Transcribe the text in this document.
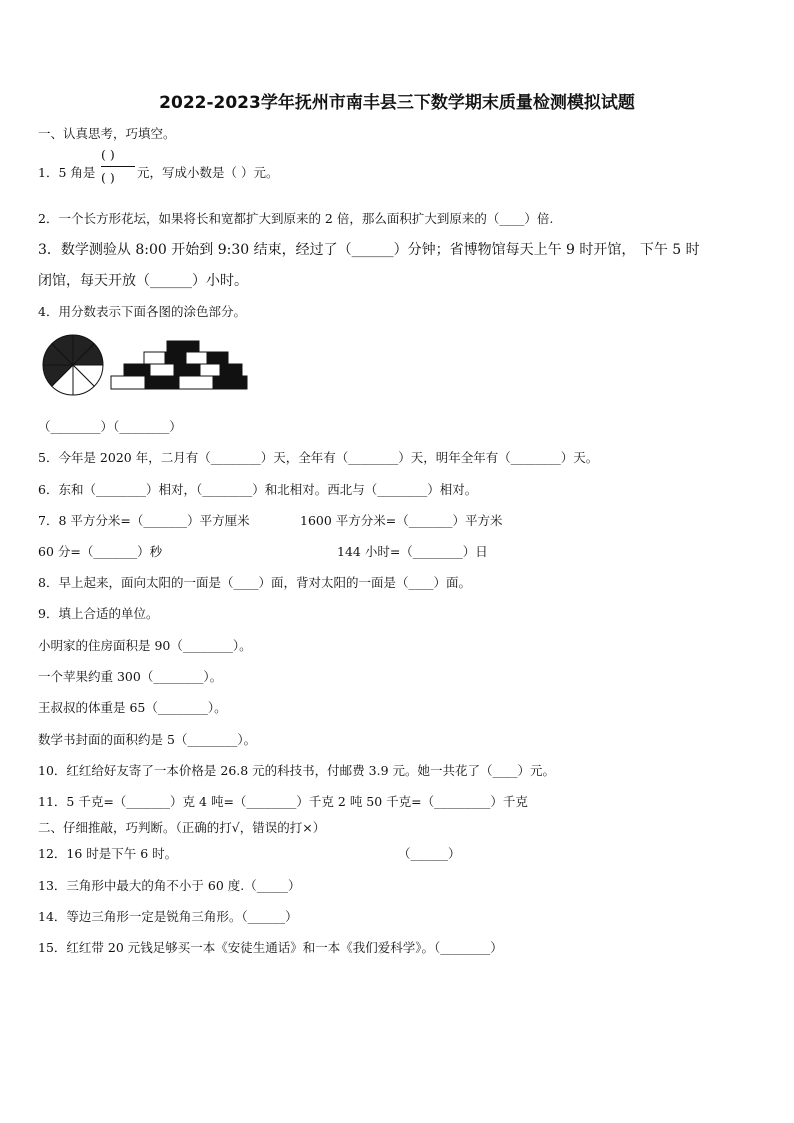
2022-2023学年抚州市南丰县三下数学期末质量检测模拟试题
一、认真思考，巧填空。
1．5 角是
( )
( ) 元，写成小数是（ ）元。
2．一个长方形花坛，如果将长和宽都扩大到原来的 2 倍，那么面积扩大到原来的（____）倍.
3．数学测验从 8:00 开始到 9:30 结束，经过了（______）分钟；省博物馆每天上午 9 时开馆， 下午 5 时
闭馆，每天开放（______）小时。
4．用分数表示下面各图的涂色部分。
（________）（________）
5．今年是 2020 年，二月有（________）天，全年有（________）天，明年全年有（________）天。
6．东和（________）相对，（________）和北相对。西北与（________）相对。
7．8 平方分米=（_______）平方厘米	1600 平方分米=（_______）平方米
60 分=（_______）秒	144 小时=（________）日
8．早上起来，面向太阳的一面是（____）面，背对太阳的一面是（____）面。
9．填上合适的单位。
小明家的住房面积是 90（________）。
一个苹果约重 300（________）。
王叔叔的体重是 65（________）。
数学书封面的面积约是 5（________）。
10．红红给好友寄了一本价格是 26.8 元的科技书，付邮费 3.9 元。她一共花了（____）元。
11．5 千克=（_______）克 4 吨=（________）千克 2 吨 50 千克=（_________）千克
二、仔细推敲，巧判断。（正确的打√，错误的打×）
12．16 时是下午 6 时。	（______）
13．三角形中最大的角不小于 60 度.（_____）
14．等边三角形一定是锐角三角形。（______）
15．红红带 20 元钱足够买一本《安徒生通话》和一本《我们爱科学》。（________）
